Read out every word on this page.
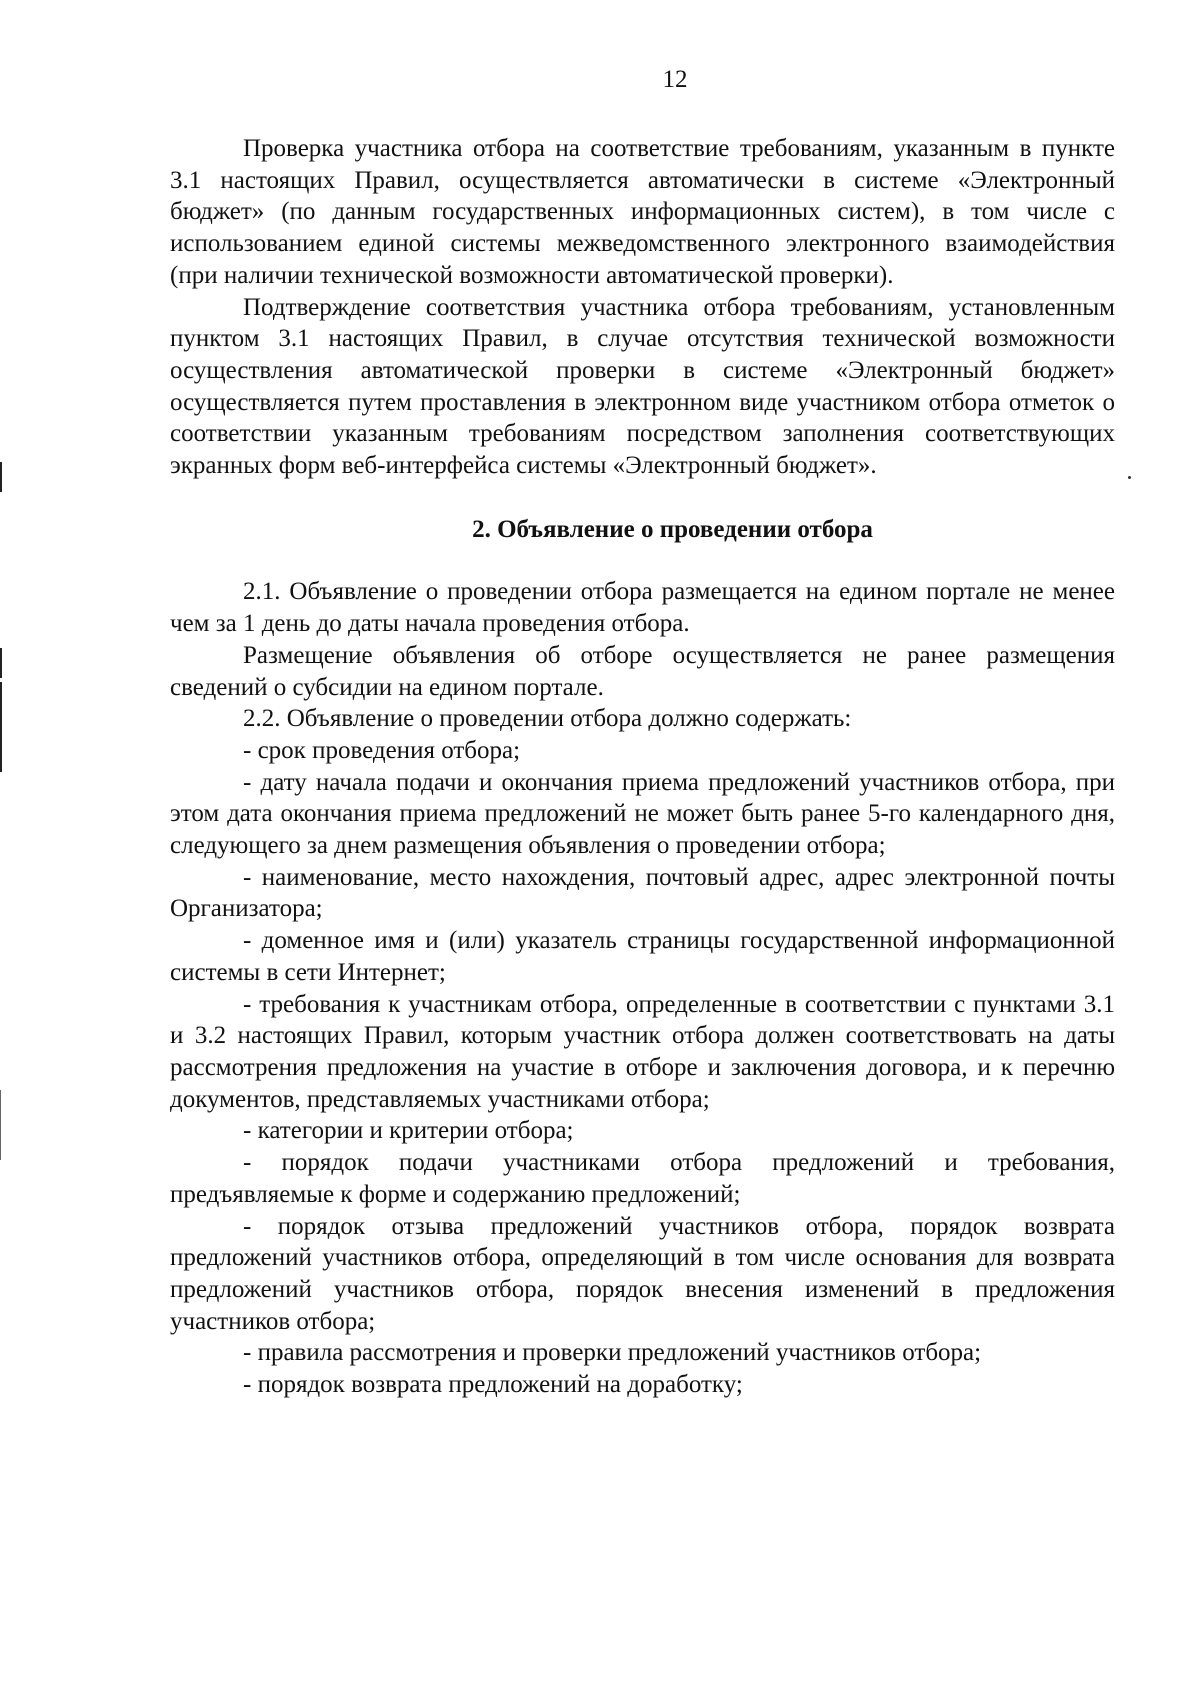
12

Проверка участника отбора на соответствие требованиям, указанным в пункте 3.1 настоящих Правил, осуществляется автоматически в системе «Электронный бюджет» (по данным государственных информационных систем), в том числе с использованием единой системы межведомственного электронного взаимодействия (при наличии технической возможности автоматической проверки).

Подтверждение соответствия участника отбора требованиям, установленным пунктом 3.1 настоящих Правил, в случае отсутствия технической возможности осуществления автоматической проверки в системе «Электронный бюджет» осуществляется путем проставления в электронном виде участником отбора отметок о соответствии указанным требованиям посредством заполнения соответствующих экранных форм веб-интерфейса системы «Электронный бюджет».

2. Объявление о проведении отбора

2.1. Объявление о проведении отбора размещается на едином портале не менее чем за 1 день до даты начала проведения отбора.

Размещение объявления об отборе осуществляется не ранее размещения сведений о субсидии на едином портале.

2.2. Объявление о проведении отбора должно содержать:

- срок проведения отбора;

- дату начала подачи и окончания приема предложений участников отбора, при этом дата окончания приема предложений не может быть ранее 5-го календарного дня, следующего за днем размещения объявления о проведении отбора;

- наименование, место нахождения, почтовый адрес, адрес электронной почты Организатора;

- доменное имя и (или) указатель страницы государственной информационной системы в сети Интернет;

- требования к участникам отбора, определенные в соответствии с пунктами 3.1 и 3.2 настоящих Правил, которым участник отбора должен соответствовать на даты рассмотрения предложения на участие в отборе и заключения договора, и к перечню документов, представляемых участниками отбора;

- категории и критерии отбора;

- порядок подачи участниками отбора предложений и требования, предъявляемые к форме и содержанию предложений;

- порядок отзыва предложений участников отбора, порядок возврата предложений участников отбора, определяющий в том числе основания для возврата предложений участников отбора, порядок внесения изменений в предложения участников отбора;

- правила рассмотрения и проверки предложений участников отбора;

- порядок возврата предложений на доработку;
